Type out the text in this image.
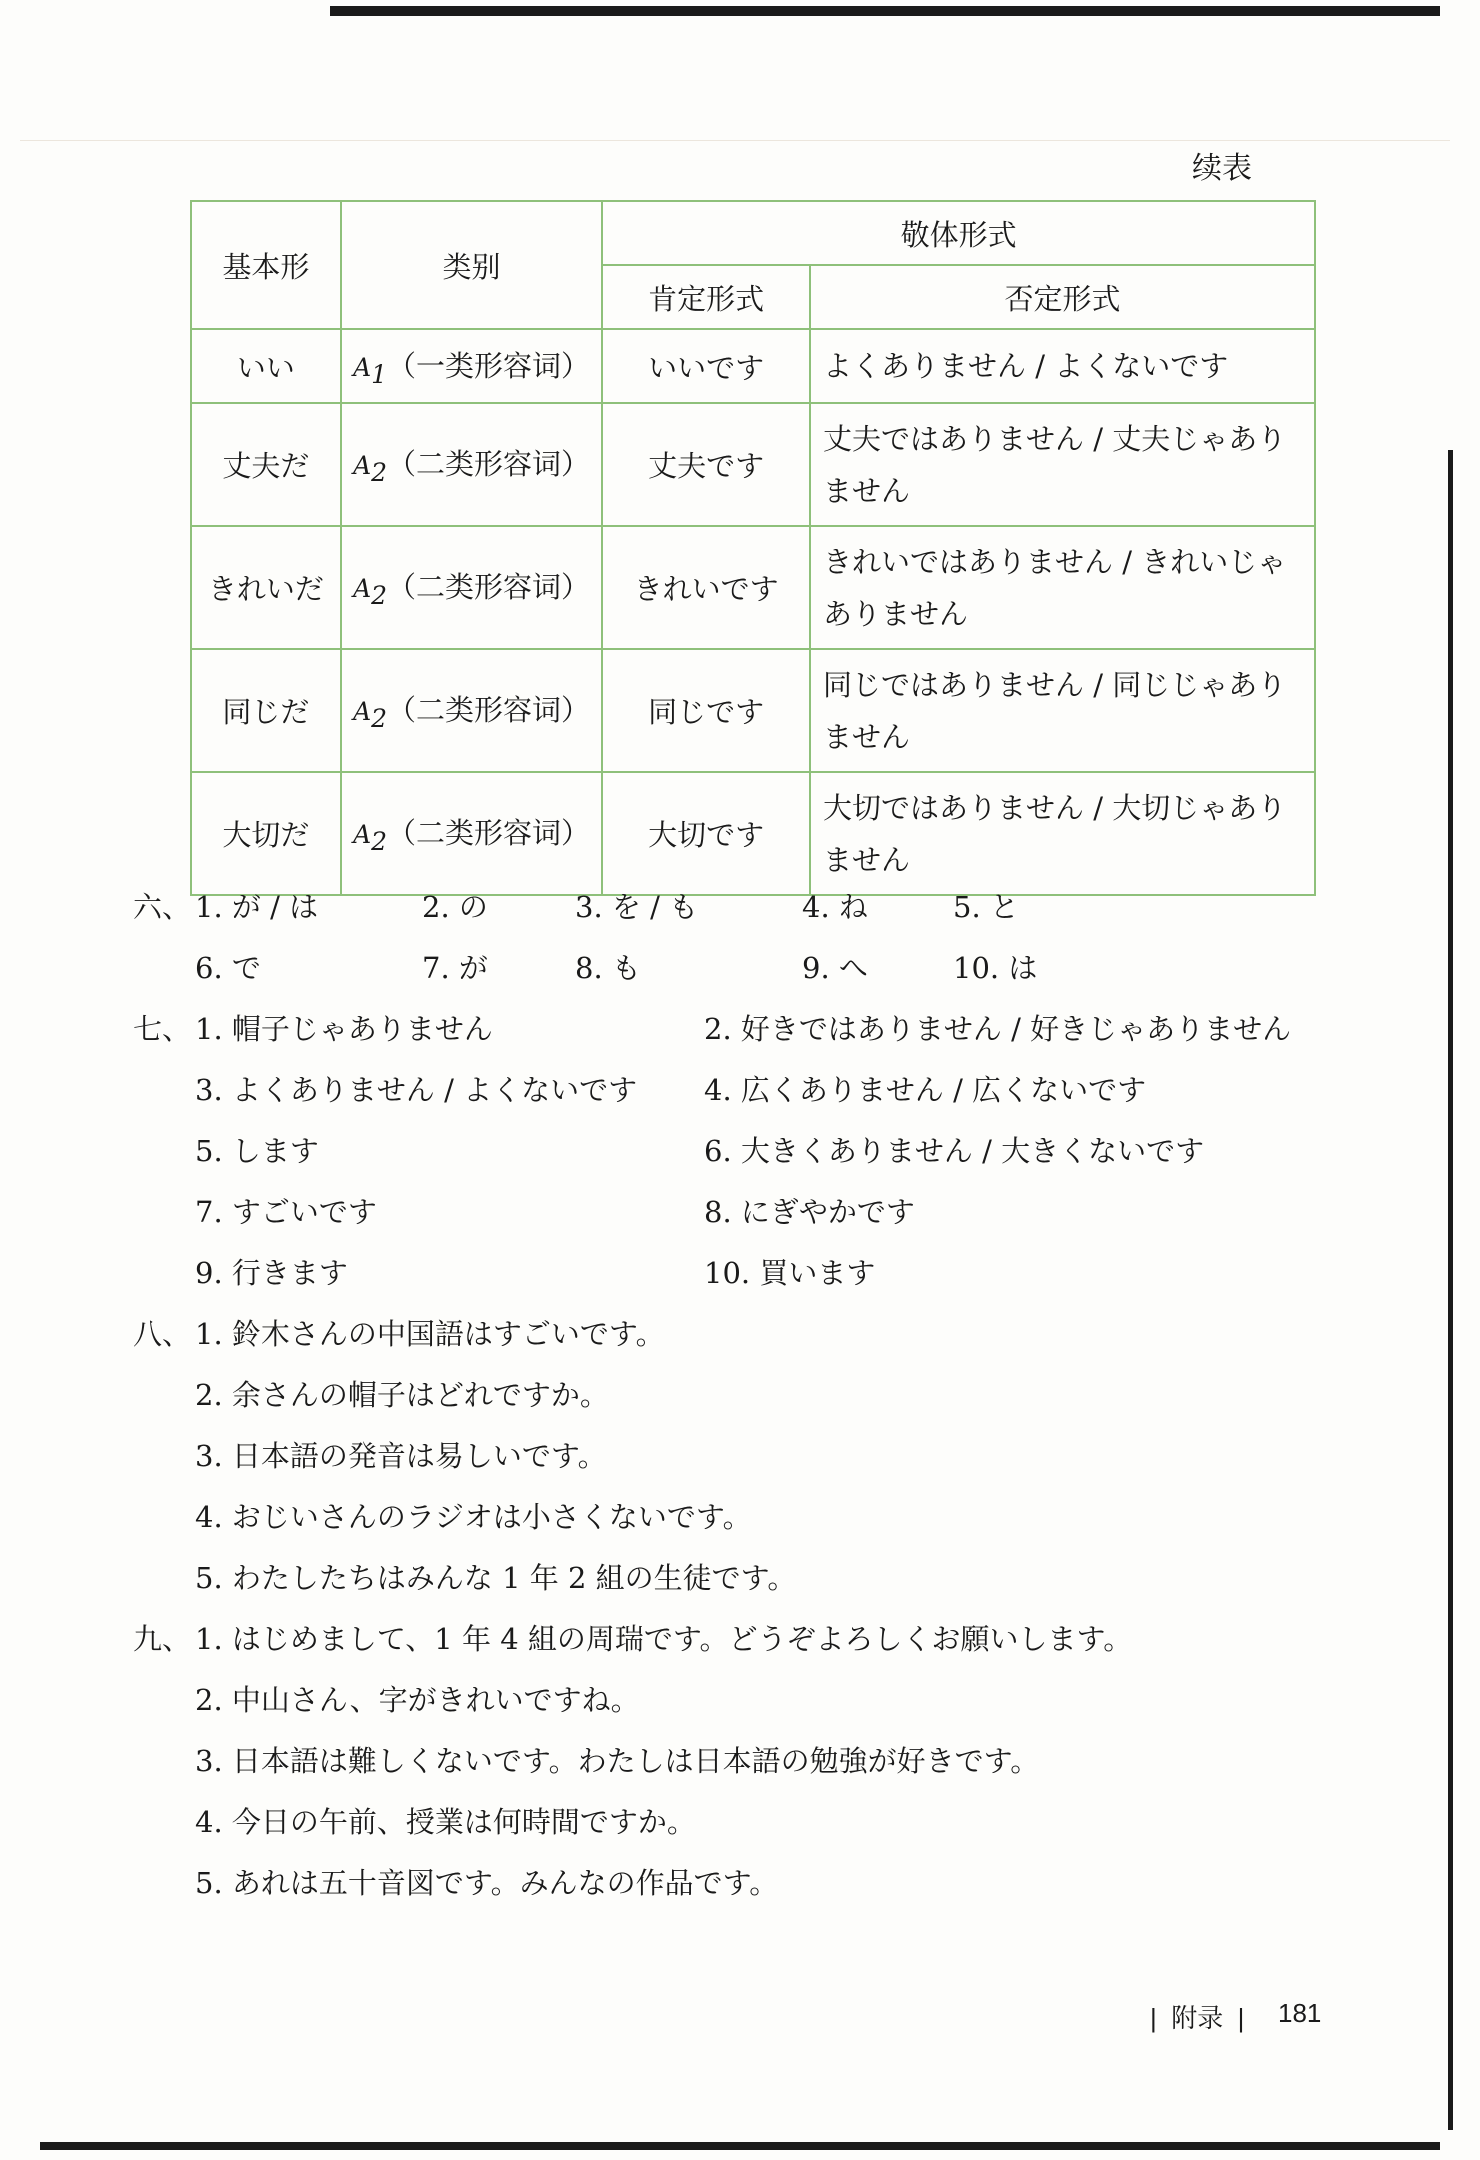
续表
基本形	类别	敬体形式	
		肯定形式	否定形式
いい	$A_1$（一类形容词）	いいです	よくありません / よくないです
丈夫だ	$A_2$（二类形容词）	丈夫です	丈夫ではありません / 丈夫じゃありません
きれいだ	$A_2$（二类形容词）	きれいです	きれいではありません / きれいじゃありません
同じだ	$A_2$（二类形容词）	同じです	同じではありません / 同じじゃありません
大切だ	$A_2$（二类形容词）	大切です	大切ではありません / 大切じゃありません
六、 1. が / は	2. の	3. を / も	4. ね	5. と
6. で	7. が	8. も	9. へ	10. は
七、 1. 帽子じゃありません	2. 好きではありません / 好きじゃありません
3. よくありません / よくないです 4. 広くありません / 広くないです
5. します	6. 大きくありません / 大きくないです
7. すごいです	8. にぎやかです
9. 行きます	10. 買います
八、 1. 鈴木さんの中国語はすごいです。
2. 余さんの帽子はどれですか。
3. 日本語の発音は易しいです。
4. おじいさんのラジオは小さくないです。
5. わたしたちはみんな 1 年 2 組の生徒です。
九、 1. はじめまして、1 年 4 組の周瑞です。どうぞよろしくお願いします。
2. 中山さん、字がきれいですね。
3. 日本語は難しくないです。わたしは日本語の勉強が好きです。
4. 今日の午前、授業は何時間ですか。
5. あれは五十音図です。みんなの作品です。
|  附录  | 181
